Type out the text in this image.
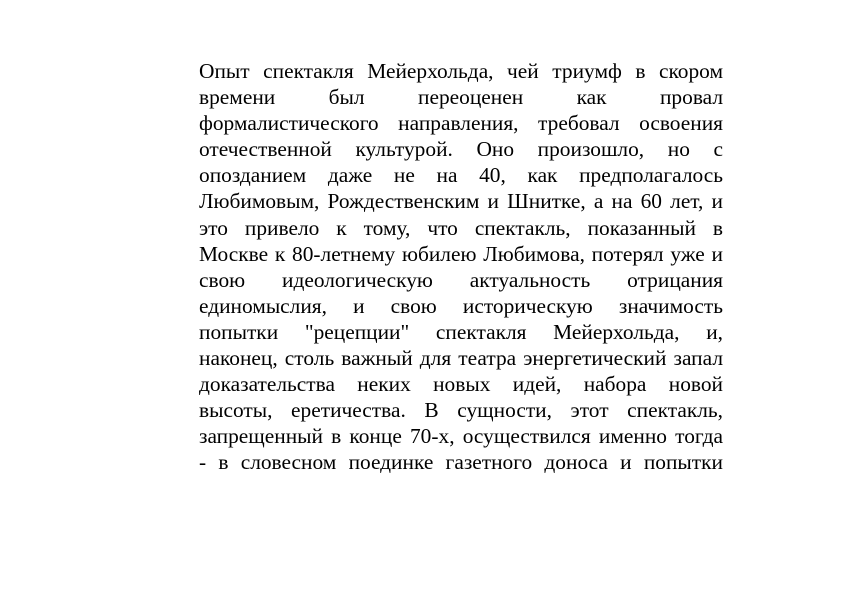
Опыт спектакля Мейерхольда, чей триумф в скором
времени был переоценен как провал
формалистического направления, требовал освоения
отечественной культурой. Оно произошло, но с
опозданием даже не на 40, как предполагалось
Любимовым, Рождественским и Шнитке, а на 60 лет, и
это привело к тому, что спектакль, показанный в
Москве к 80-летнему юбилею Любимова, потерял уже и
свою идеологическую актуальность отрицания
единомыслия, и свою историческую значимость
попытки "рецепции" спектакля Мейерхольда, и,
наконец, столь важный для театра энергетический запал
доказательства неких новых идей, набора новой
высоты, еретичества. В сущности, этот спектакль,
запрещенный в конце 70-х, осуществился именно тогда
- в словесном поединке газетного доноса и попытки
